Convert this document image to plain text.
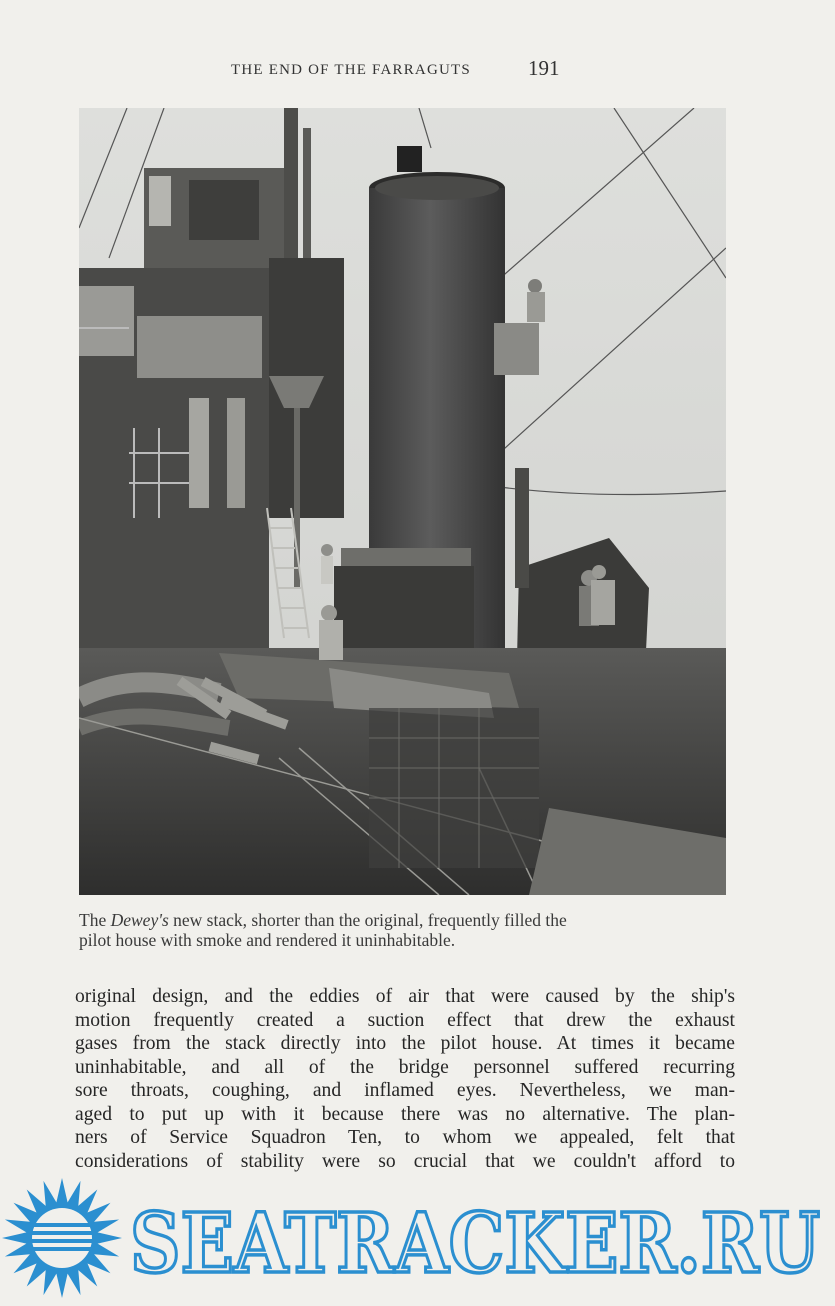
THE END OF THE FARRAGUTS	191
The Dewey's new stack, shorter than the original, frequently filled the
pilot house with smoke and rendered it uninhabitable.
original design, and the eddies of air that were caused by the ship's
motion frequently created a suction effect that drew the exhaust
gases from the stack directly into the pilot house. At times it became
uninhabitable, and all of the bridge personnel suffered recurring
sore throats, coughing, and inflamed eyes. Nevertheless, we man-
aged to put up with it because there was no alternative. The plan-
ners of Service Squadron Ten, to whom we appealed, felt that
considerations of stability were so crucial that we couldn't afford to
SEATRACKER.RU
